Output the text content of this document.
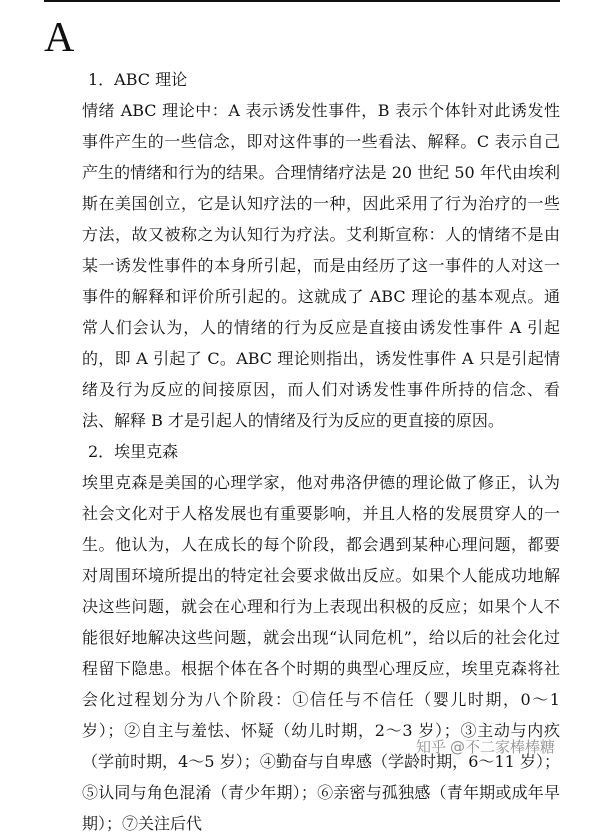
A

1．ABC 理论

情绪 ABC 理论中：A 表示诱发性事件，B 表示个体针对此诱发性事件产生的一些信念，即对这件事的一些看法、解释。C 表示自己产生的情绪和行为的结果。合理情绪疗法是 20 世纪 50 年代由埃利斯在美国创立，它是认知疗法的一种，因此采用了行为治疗的一些方法，故又被称之为认知行为疗法。艾利斯宣称：人的情绪不是由某一诱发性事件的本身所引起，而是由经历了这一事件的人对这一事件的解释和评价所引起的。这就成了 ABC 理论的基本观点。通常人们会认为，人的情绪的行为反应是直接由诱发性事件 A 引起的，即 A 引起了 C。ABC 理论则指出，诱发性事件 A 只是引起情绪及行为反应的间接原因，而人们对诱发性事件所持的信念、看法、解释 B 才是引起人的情绪及行为反应的更直接的原因。

2．埃里克森

埃里克森是美国的心理学家，他对弗洛伊德的理论做了修正，认为社会文化对于人格发展也有重要影响，并且人格的发展贯穿人的一生。他认为，人在成长的每个阶段，都会遇到某种心理问题，都要对周围环境所提出的特定社会要求做出反应。如果个人能成功地解决这些问题，就会在心理和行为上表现出积极的反应；如果个人不能很好地解决这些问题，就会出现“认同危机”，给以后的社会化过程留下隐患。根据个体在各个时期的典型心理反应，埃里克森将社会化过程划分为八个阶段：①信任与不信任（婴儿时期，0～1 岁）；②自主与羞怯、怀疑（幼儿时期，2～3 岁）；③主动与内疚（学前时期，4～5 岁）；④勤奋与自卑感（学龄时期，6～11 岁）；⑤认同与角色混淆（青少年期）；⑥亲密与孤独感（青年期或成年早期）；⑦关注后代

知乎 @不二家棒棒糖
